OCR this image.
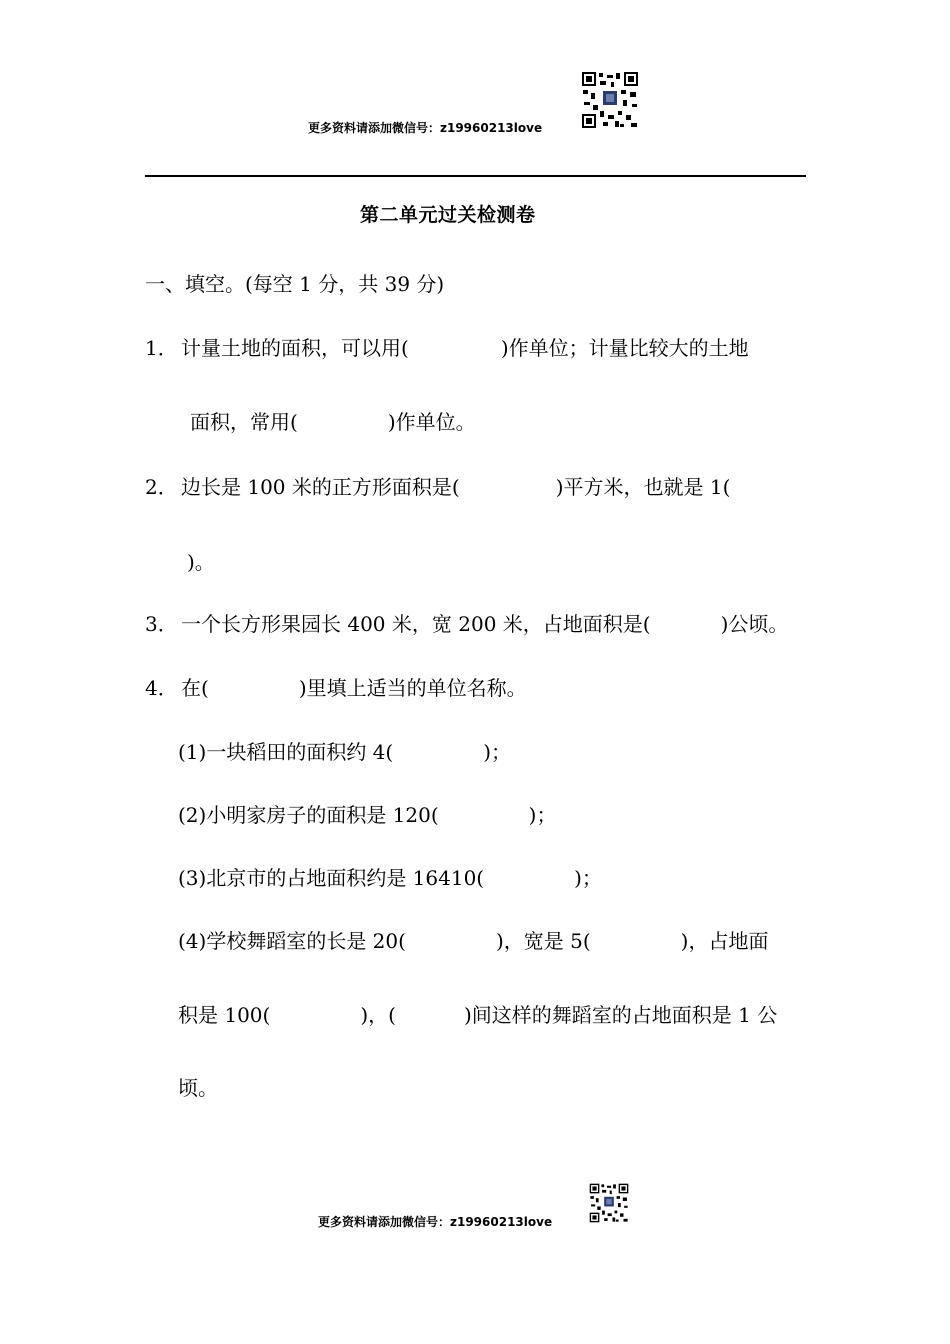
更多资料请添加微信号：z19960213love
第二单元过关检测卷
一、填空。(每空 1 分，共 39 分)
1． 计量土地的面积，可以用(	)作单位；计量比较大的土地
面积，常用(	)作单位。
2． 边长是 100 米的正方形面积是(	)平方米，也就是 1(
)。
3． 一个长方形果园长 400 米，宽 200 米，占地面积是(	)公顷。
4． 在(	)里填上适当的单位名称。
(1)一块稻田的面积约 4(	)；
(2)小明家房子的面积是 120(	)；
(3)北京市的占地面积约是 16410(	)；
(4)学校舞蹈室的长是 20(	)，宽是 5(	)，占地面
积是 100(	)，(	)间这样的舞蹈室的占地面积是 1 公
顷。
更多资料请添加微信号：z19960213love
